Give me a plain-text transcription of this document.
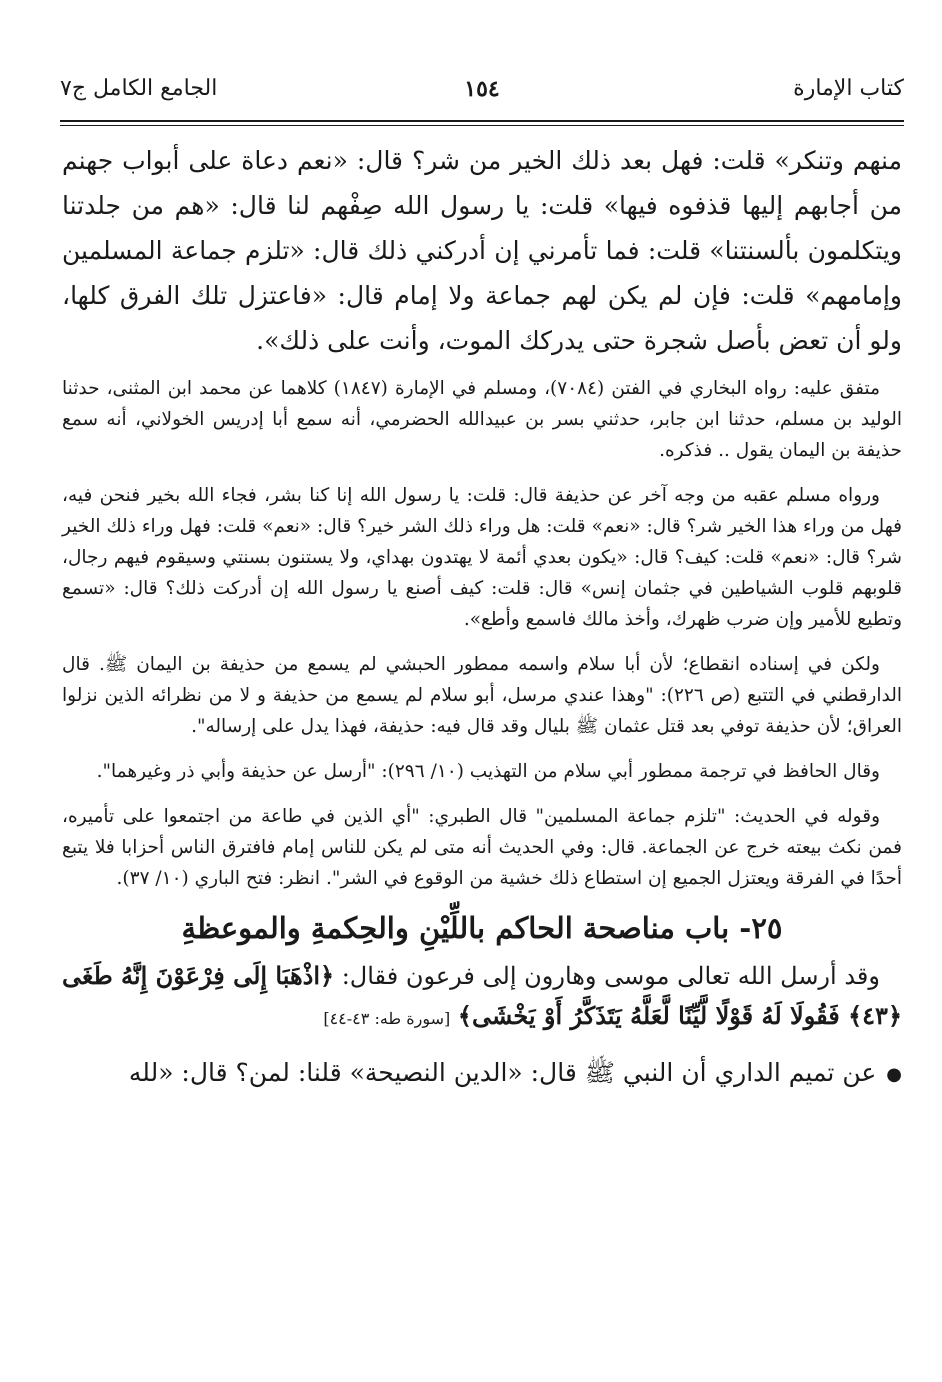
كتاب الإمارة
١٥٤
الجامع الكامل ج٧

منهم وتنكر» قلت: فهل بعد ذلك الخير من شر؟ قال: «نعم دعاة على أبواب جهنم من أجابهم إليها قذفوه فيها» قلت: يا رسول الله صِفْهم لنا قال: «هم من جلدتنا ويتكلمون بألسنتنا» قلت: فما تأمرني إن أدركني ذلك قال: «تلزم جماعة المسلمين وإمامهم» قلت: فإن لم يكن لهم جماعة ولا إمام قال: «فاعتزل تلك الفرق كلها، ولو أن تعض بأصل شجرة حتى يدركك الموت، وأنت على ذلك».

متفق عليه: رواه البخاري في الفتن (٧٠٨٤)، ومسلم في الإمارة (١٨٤٧) كلاهما عن محمد ابن المثنى، حدثنا الوليد بن مسلم، حدثنا ابن جابر، حدثني بسر بن عبيدالله الحضرمي، أنه سمع أبا إدريس الخولاني، أنه سمع حذيفة بن اليمان يقول .. فذكره.

ورواه مسلم عقبه من وجه آخر عن حذيفة قال: قلت: يا رسول الله إنا كنا بشر، فجاء الله بخير فنحن فيه، فهل من وراء هذا الخير شر؟ قال: «نعم» قلت: هل وراء ذلك الشر خير؟ قال: «نعم» قلت: فهل وراء ذلك الخير شر؟ قال: «نعم» قلت: كيف؟ قال: «يكون بعدي أئمة لا يهتدون بهداي، ولا يستنون بسنتي وسيقوم فيهم رجال، قلوبهم قلوب الشياطين في جثمان إنس» قال: قلت: كيف أصنع يا رسول الله إن أدركت ذلك؟ قال: «تسمع وتطيع للأمير وإن ضرب ظهرك، وأخذ مالك فاسمع وأطع».

ولكن في إسناده انقطاع؛ لأن أبا سلام واسمه ممطور الحبشي لم يسمع من حذيفة بن اليمان ﷺ. قال الدارقطني في التتبع (ص ٢٢٦): "وهذا عندي مرسل، أبو سلام لم يسمع من حذيفة و لا من نظرائه الذين نزلوا العراق؛ لأن حذيفة توفي بعد قتل عثمان ﷺ بليال وقد قال فيه: حذيفة، فهذا يدل على إرساله".

وقال الحافظ في ترجمة ممطور أبي سلام من التهذيب (١٠/ ٢٩٦): "أرسل عن حذيفة وأبي ذر وغيرهما".

وقوله في الحديث: "تلزم جماعة المسلمين" قال الطبري: "أي الذين في طاعة من اجتمعوا على تأميره، فمن نكث بيعته خرج عن الجماعة. قال: وفي الحديث أنه متى لم يكن للناس إمام فافترق الناس أحزابا فلا يتبع أحدًا في الفرقة ويعتزل الجميع إن استطاع ذلك خشية من الوقوع في الشر". انظر: فتح الباري (١٠/ ٣٧).

٢٥- باب مناصحة الحاكم باللِّيْنِ والحِكمةِ والموعظةِ

وقد أرسل الله تعالى موسى وهارون إلى فرعون فقال: ﴿اذْهَبَا إِلَى فِرْعَوْنَ إِنَّهُ طَغَى ﴿٤٣﴾ فَقُولَا لَهُ قَوْلًا لَّيِّنًا لَّعَلَّهُ يَتَذَكَّرُ أَوْ يَخْشَى﴾ [سورة طه: ٤٣-٤٤]

●عن تميم الداري أن النبي ﷺ قال: «الدين النصيحة» قلنا: لمن؟ قال: «لله
